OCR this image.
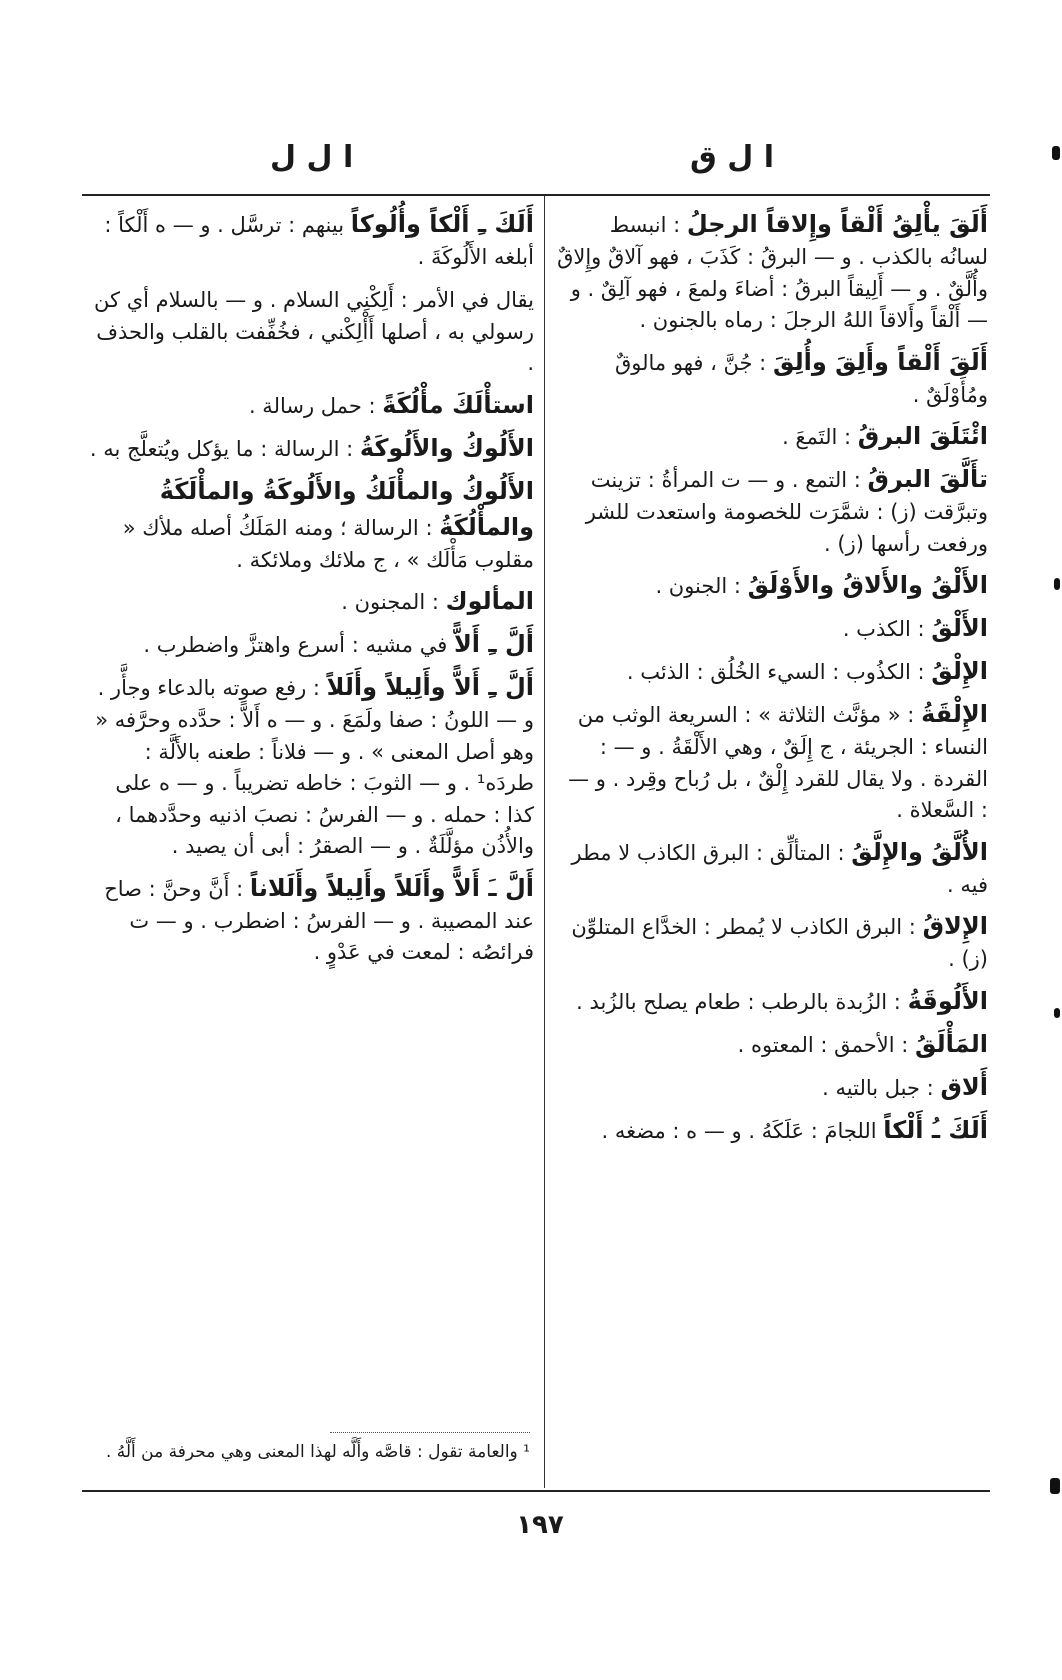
ا ل ق
ا ل ل

أَلَقَ يأْلِقُ أَلْقاً وإِلاقاً الرجلُ : انبسط لسانُه بالكذب . و — البرقُ : كَذَبَ ، فهو آلاقٌ وإِلاقٌ وأُلَّقٌ . و — أَلِيقاً البرقُ : أضاءَ ولمعَ ، فهو آلِقٌ . و — أَلْقاً وأَلاقاً اللهُ الرجلَ : رماه بالجنون .

أَلَقَ أَلْقاً وأَلِقَ وأُلِقَ : جُنَّ ، فهو مالوقٌ ومُأَوْلَقٌ .

ائْتَلَقَ البرقُ : التَمعَ .

تأَلَّقَ البرقُ : التمع . و — ت المرأةُ : تزينت وتبرَّقت (ز) : شمَّرَت للخصومة واستعدت للشر ورفعت رأسها (ز) .

الأَلْقُ والأَلاقُ والأَوْلَقُ : الجنون .

الأَلْقُ : الكذب .

الإِلْقُ : الكذُوب : السيء الخُلُق : الذئب .

الإِلْقَةُ : « مؤنَّث الثلاثة » : السريعة الوثب من النساء : الجريئة ، ج إِلَقٌ ، وهي الأَلْقَةُ . و — : القردة . ولا يقال للقرد إِلْقٌ ، بل رُباح وقِرد . و — : السَّعلاة .

الأُلَّقُ والإِلَّقُ : المتألِّق : البرق الكاذب لا مطر فيه .

الإِلاقُ : البرق الكاذب لا يُمطر : الخدَّاع المتلوِّن (ز) .

الأَلُوقَةُ : الزُبدة بالرطب : طعام يصلح بالزُبد .

المَأْلَقُ : الأحمق : المعتوه .

أَلاق : جبل بالتيه .

أَلَكَ ـُ أَلْكاً اللجامَ : عَلَكَهُ . و — ه : مضغه .

أَلَكَ ـِ أَلْكاً وأُلُوكاً بينهم : ترسَّل . و — ه أَلْكاً : أبلغه الأَلُوكَةَ .

يقال في الأمر : أَلِكْنِي السلام . و — بالسلام أي كن رسولي به ، أصلها أَأْلِكْني ، فخُفِّفت بالقلب والحذف .

استأْلَكَ مأْلُكَةً : حمل رسالة .

الأَلُوكُ والأَلُوكَةُ : الرسالة : ما يؤكل ويُتعلَّج به .

الأَلُوكُ والمأْلَكُ والأَلُوكَةُ والمأْلَكَةُ والمأْلُكَةُ : الرسالة ؛ ومنه المَلَكُ أصله ملأك « مقلوب مَأْلَك » ، ج ملائك وملائكة .

المألوك : المجنون .

أَلَّ ـِ أَلاًّ في مشيه : أسرع واهتزَّ واضطرب .

أَلَّ ـِ أَلاًّ وأَلِيلاً وأَلَلاً : رفع صوته بالدعاء وجأَّر . و — اللونُ : صفا ولَمَعَ . و — ه أَلاًّ : حدَّده وحرَّفه « وهو أصل المعنى » . و — فلاناً : طعنه بالأَلَّة : طردَه¹ . و — الثوبَ : خاطه تضريباً . و — ه على كذا : حمله . و — الفرسُ : نصبَ اذنيه وحدَّدهما ، والأُذُن مؤلَّلَةٌ . و — الصقرُ : أبى أن يصيد .

أَلَّ ـَ أَلاًّ وأَلَلاً وأَلِيلاً وأَلَلاناً : أَنَّ وحنَّ : صاح عند المصيبة . و — الفرسُ : اضطرب . و — ت فرائصُه : لمعت في عَدْوٍ .

¹ والعامة تقول : قاصَّه وأَلَّه لهذا المعنى وهي محرفة من أَلَّهُ .
١٩٧
